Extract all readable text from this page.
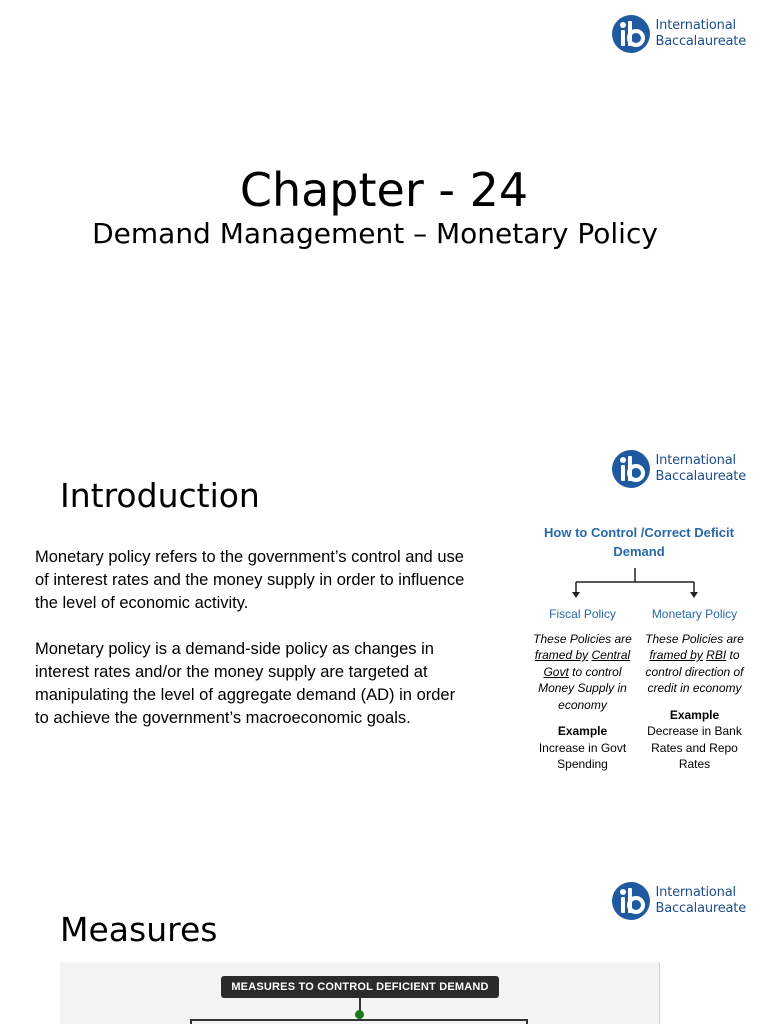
International
Baccalaureate
Chapter - 24
Demand Management – Monetary Policy
International
Baccalaureate
Introduction

Monetary policy refers to the government’s control and use of interest rates and the money supply in order to influence the level of economic activity.

Monetary policy is a demand-side policy as changes in interest rates and/or the money supply are targeted at manipulating the level of aggregate demand (AD) in order to achieve the government’s macroeconomic goals.

How to Control /Correct Deficit Demand
Fiscal Policy
These Policies are framed by Central Govt to control Money Supply in economy
Example
Increase in Govt Spending
Monetary Policy
These Policies are framed by RBI to control direction of credit in economy
Example
Decrease in Bank Rates and Repo Rates
International
Baccalaureate
Measures
MEASURES TO CONTROL DEFICIENT DEMAND
